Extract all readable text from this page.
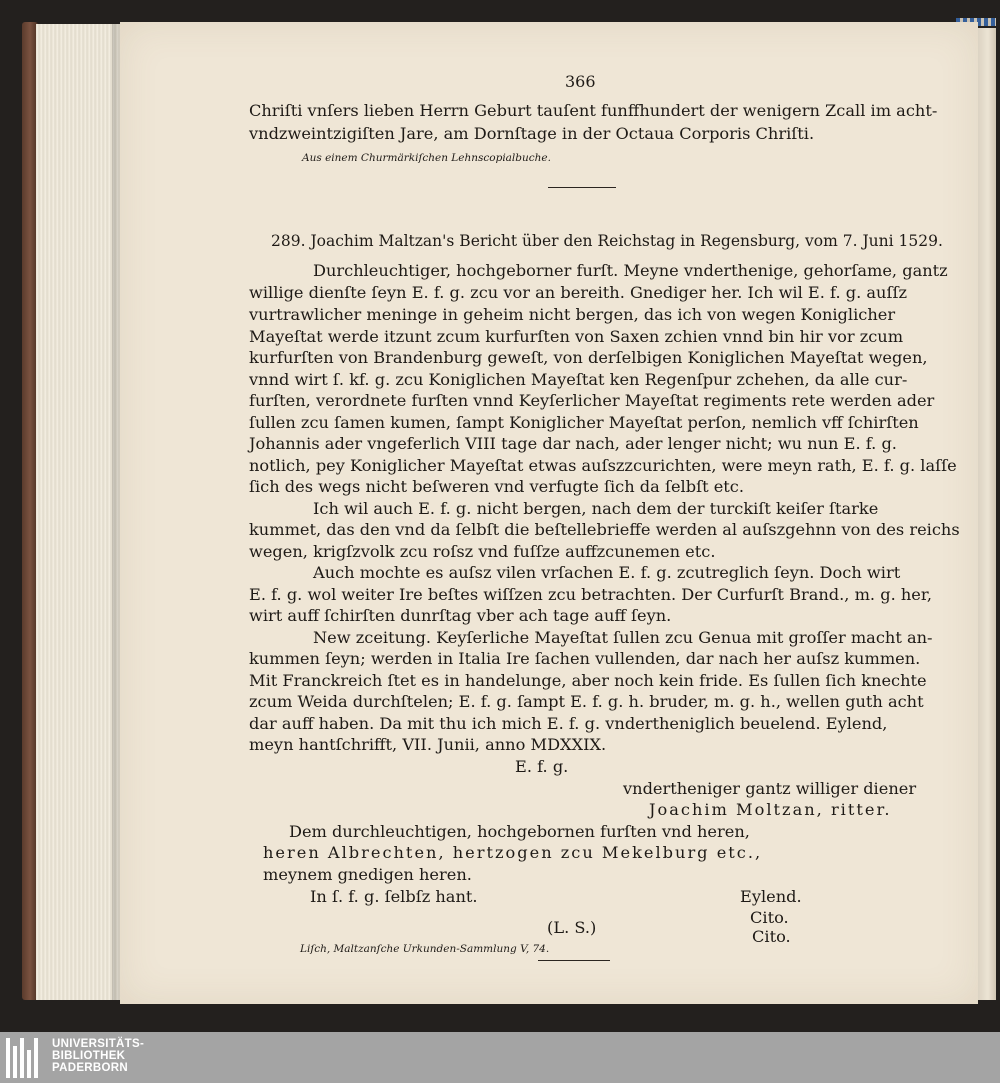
366
Chriſti vnſers lieben Herrn Geburt tauſent funffhundert der wenigern Zcall im acht-
vndzweintzigiſten Jare, am Dornſtage in der Octaua Corporis Chriſti.
Aus einem Churmärkiſchen Lehnscopialbuche.
289. Joachim Maltzan's Bericht über den Reichstag in Regensburg, vom 7. Juni 1529.
Durchleuchtiger, hochgeborner furſt. Meyne vnderthenige, gehorſame, gantz
willige dienſte ſeyn E. f. g. zcu vor an bereith. Gnediger her. Ich wil E. f. g. auſſz
vurtrawlicher meninge in geheim nicht bergen, das ich von wegen Koniglicher
Mayeſtat werde itzunt zcum kurfurſten von Saxen zchien vnnd bin hir vor zcum
kurfurſten von Brandenburg geweſt, von derſelbigen Koniglichen Mayeſtat wegen,
vnnd wirt ſ. kf. g. zcu Koniglichen Mayeſtat ken Regenſpur zchehen, da alle cur-
furſten, verordnete furſten vnnd Keyſerlicher Mayeſtat regiments rete werden ader
ſullen zcu ſamen kumen, ſampt Koniglicher Mayeſtat perſon, nemlich vff ſchirſten
Johannis ader vngeferlich VIII tage dar nach, ader lenger nicht; wu nun E. f. g.
notlich, pey Koniglicher Mayeſtat etwas auſszzcurichten, were meyn rath, E. f. g. laſſe
ſich des wegs nicht beſweren vnd verfugte ſich da ſelbſt etc.
Ich wil auch E. f. g. nicht bergen, nach dem der turckiſt keiſer ſtarke
kummet, das den vnd da ſelbſt die beſtellebrieffe werden al auſszgehnn von des reichs
wegen, krigſzvolk zcu roſsz vnd fuſſze auffzcunemen etc.
Auch mochte es auſsz vilen vrſachen E. f. g. zcutreglich ſeyn. Doch wirt
E. f. g. wol weiter Ire beſtes wiſſzen zcu betrachten. Der Curfurſt Brand., m. g. her,
wirt auff ſchirſten dunrſtag vber ach tage auff ſeyn.
New zceitung. Keyſerliche Mayeſtat ſullen zcu Genua mit groſſer macht an-
kummen ſeyn; werden in Italia Ire ſachen vullenden, dar nach her auſsz kummen.
Mit Franckreich ſtet es in handelunge, aber noch kein fride. Es ſullen ſich knechte
zcum Weida durchſtelen; E. f. g. ſampt E. f. g. h. bruder, m. g. h., wellen guth acht
dar auff haben. Da mit thu ich mich E. f. g. vndertheniglich beuelend. Eylend,
meyn hantſchrifft, VII. Junii, anno MDXXIX.
E. f. g.
vndertheniger gantz williger diener
Joachim Moltzan, ritter.
Dem durchleuchtigen, hochgebornen furſten vnd heren,
heren Albrechten, hertzogen zcu Mekelburg etc.,
meynem gnedigen heren.
In ſ. f. g. ſelbſz hant.	Eylend.
Cito.
(L. S.)	Cito.
Liſch, Maltzanſche Urkunden-Sammlung V, 74.
UNIVERSITÄTS-
BIBLIOTHEK
PADERBORN
